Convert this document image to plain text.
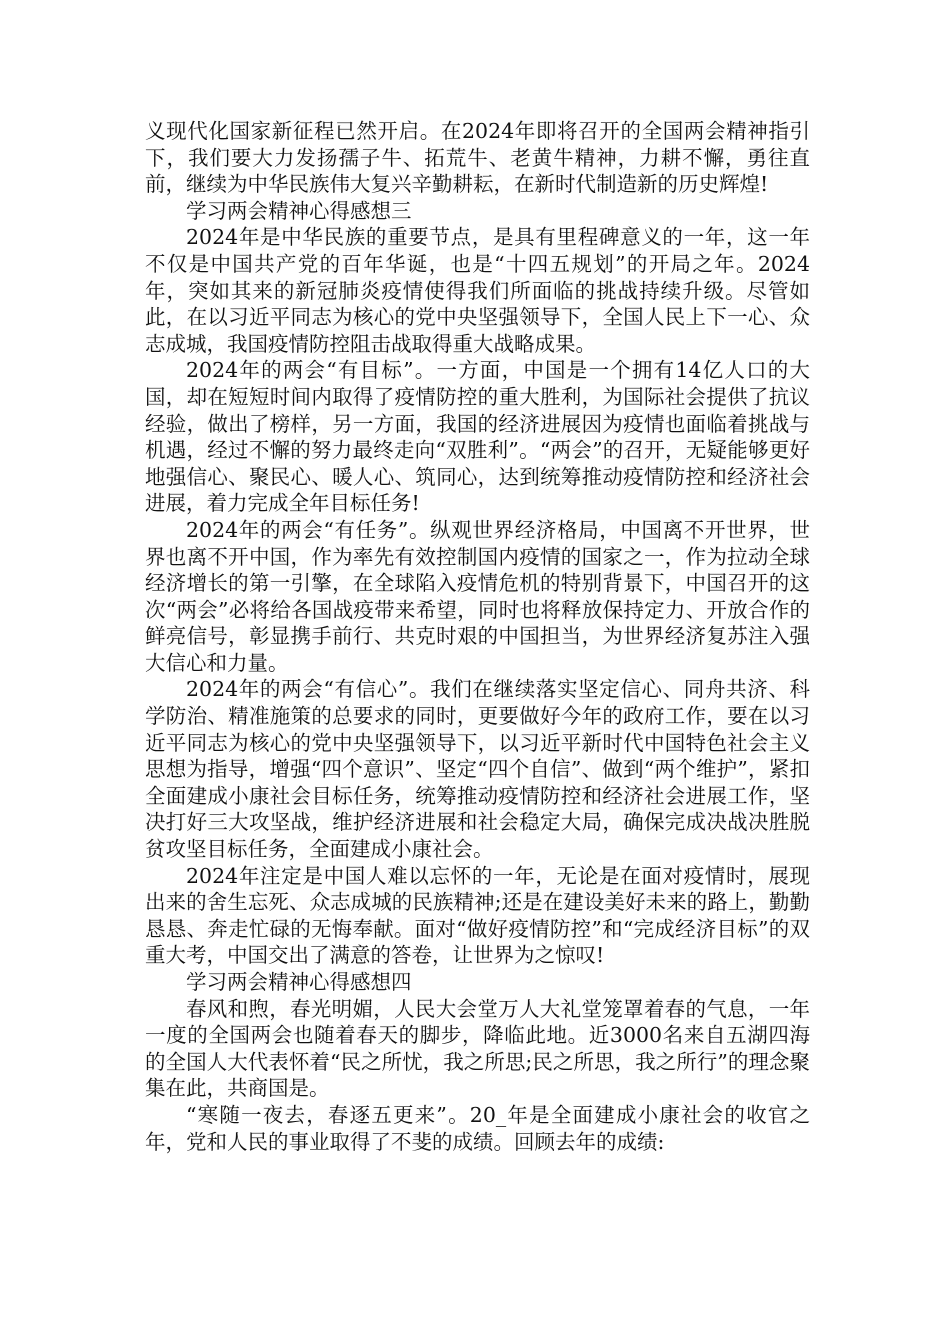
义现代化国家新征程已然开启。在2024年即将召开的全国两会精神指引下，我们要大力发扬孺子牛、拓荒牛、老黄牛精神，力耕不懈，勇往直前，继续为中华民族伟大复兴辛勤耕耘，在新时代制造新的历史辉煌!

学习两会精神心得感想三

2024年是中华民族的重要节点，是具有里程碑意义的一年，这一年不仅是中国共产党的百年华诞，也是“十四五规划”的开局之年。2024年，突如其来的新冠肺炎疫情使得我们所面临的挑战持续升级。尽管如此，在以习近平同志为核心的党中央坚强领导下，全国人民上下一心、众志成城，我国疫情防控阻击战取得重大战略成果。

2024年的两会“有目标”。一方面，中国是一个拥有14亿人口的大国，却在短短时间内取得了疫情防控的重大胜利，为国际社会提供了抗议经验，做出了榜样，另一方面，我国的经济进展因为疫情也面临着挑战与机遇，经过不懈的努力最终走向“双胜利”。“两会”的召开，无疑能够更好地强信心、聚民心、暖人心、筑同心，达到统筹推动疫情防控和经济社会进展，着力完成全年目标任务!

2024年的两会“有任务”。纵观世界经济格局，中国离不开世界，世界也离不开中国，作为率先有效控制国内疫情的国家之一，作为拉动全球经济增长的第一引擎，在全球陷入疫情危机的特别背景下，中国召开的这次“两会”必将给各国战疫带来希望，同时也将释放保持定力、开放合作的鲜亮信号，彰显携手前行、共克时艰的中国担当，为世界经济复苏注入强大信心和力量。

2024年的两会“有信心”。我们在继续落实坚定信心、同舟共济、科学防治、精准施策的总要求的同时，更要做好今年的政府工作，要在以习近平同志为核心的党中央坚强领导下，以习近平新时代中国特色社会主义思想为指导，增强“四个意识”、坚定“四个自信”、做到“两个维护”，紧扣全面建成小康社会目标任务，统筹推动疫情防控和经济社会进展工作，坚决打好三大攻坚战，维护经济进展和社会稳定大局，确保完成决战决胜脱贫攻坚目标任务，全面建成小康社会。

2024年注定是中国人难以忘怀的一年，无论是在面对疫情时，展现出来的舍生忘死、众志成城的民族精神;还是在建设美好未来的路上，勤勤恳恳、奔走忙碌的无悔奉献。面对“做好疫情防控”和“完成经济目标”的双重大考，中国交出了满意的答卷，让世界为之惊叹!

学习两会精神心得感想四

春风和煦，春光明媚，人民大会堂万人大礼堂笼罩着春的气息，一年一度的全国两会也随着春天的脚步，降临此地。近3000名来自五湖四海的全国人大代表怀着“民之所忧，我之所思;民之所思，我之所行”的理念聚集在此，共商国是。

“寒随一夜去，春逐五更来”。20_年是全面建成小康社会的收官之年，党和人民的事业取得了不斐的成绩。回顾去年的成绩:
